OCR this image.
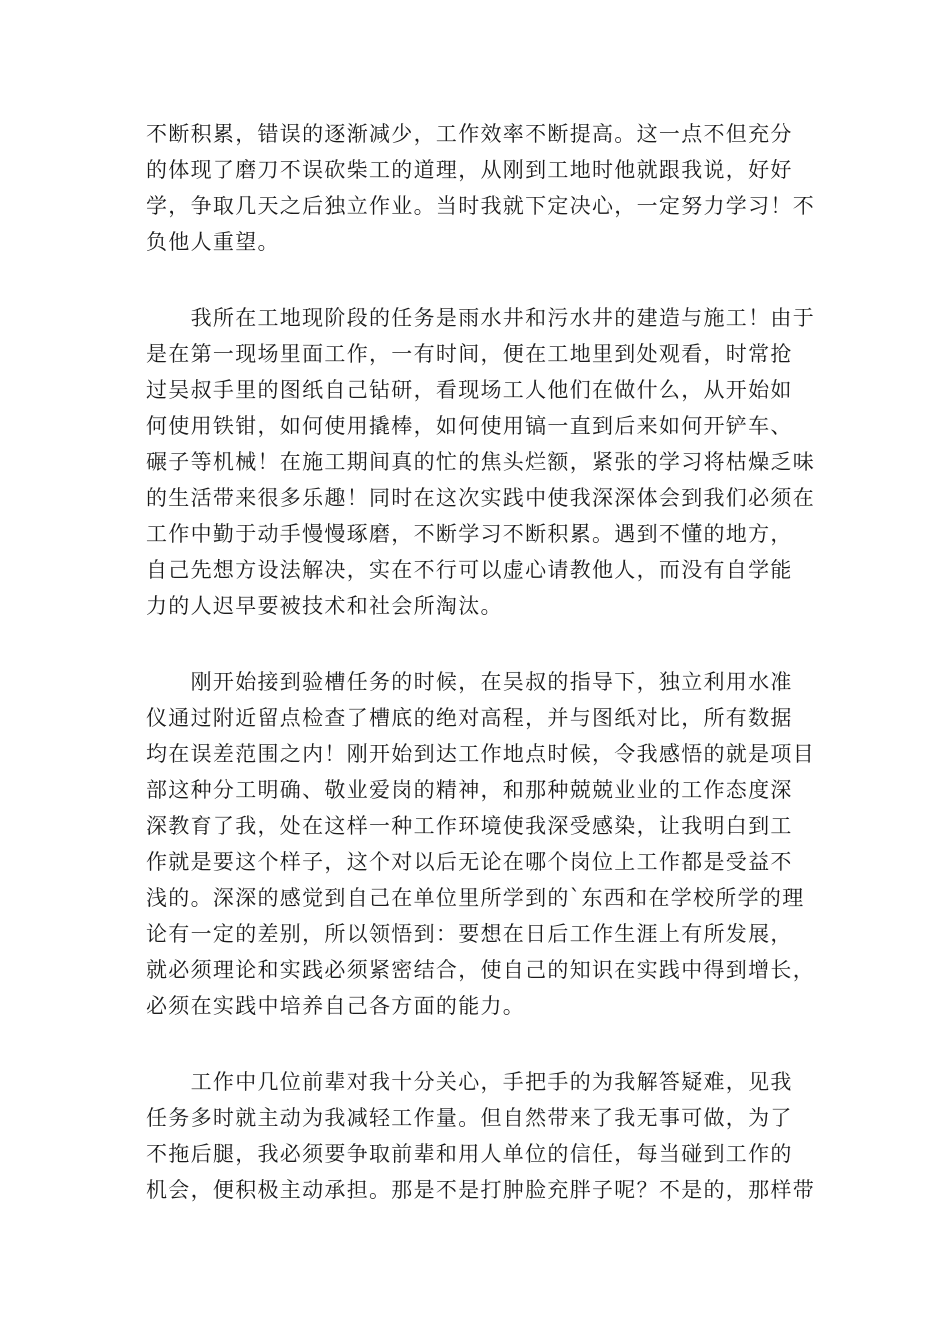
不断积累，错误的逐渐减少，工作效率不断提高。这一点不但充分
的体现了磨刀不误砍柴工的道理，从刚到工地时他就跟我说，好好
学，争取几天之后独立作业。当时我就下定决心，一定努力学习！不
负他人重望。
　　我所在工地现阶段的任务是雨水井和污水井的建造与施工！由于
是在第一现场里面工作，一有时间，便在工地里到处观看，时常抢
过吴叔手里的图纸自己钻研，看现场工人他们在做什么，从开始如
何使用铁钳，如何使用撬棒，如何使用镐一直到后来如何开铲车、
碾子等机械！在施工期间真的忙的焦头烂额，紧张的学习将枯燥乏味
的生活带来很多乐趣！同时在这次实践中使我深深体会到我们必须在
工作中勤于动手慢慢琢磨，不断学习不断积累。遇到不懂的地方，
自己先想方设法解决，实在不行可以虚心请教他人，而没有自学能
力的人迟早要被技术和社会所淘汰。
　　刚开始接到验槽任务的时候，在吴叔的指导下，独立利用水准
仪通过附近留点检查了槽底的绝对高程，并与图纸对比，所有数据
均在误差范围之内！刚开始到达工作地点时候，令我感悟的就是项目
部这种分工明确、敬业爱岗的精神，和那种兢兢业业的工作态度深
深教育了我，处在这样一种工作环境使我深受感染，让我明白到工
作就是要这个样子，这个对以后无论在哪个岗位上工作都是受益不
浅的。深深的感觉到自己在单位里所学到的`东西和在学校所学的理
论有一定的差别，所以领悟到：要想在日后工作生涯上有所发展，
就必须理论和实践必须紧密结合，使自己的知识在实践中得到增长，
必须在实践中培养自己各方面的能力。
　　工作中几位前辈对我十分关心，手把手的为我解答疑难，见我
任务多时就主动为我减轻工作量。但自然带来了我无事可做，为了
不拖后腿，我必须要争取前辈和用人单位的信任，每当碰到工作的
机会，便积极主动承担。那是不是打肿脸充胖子呢？不是的，那样带
